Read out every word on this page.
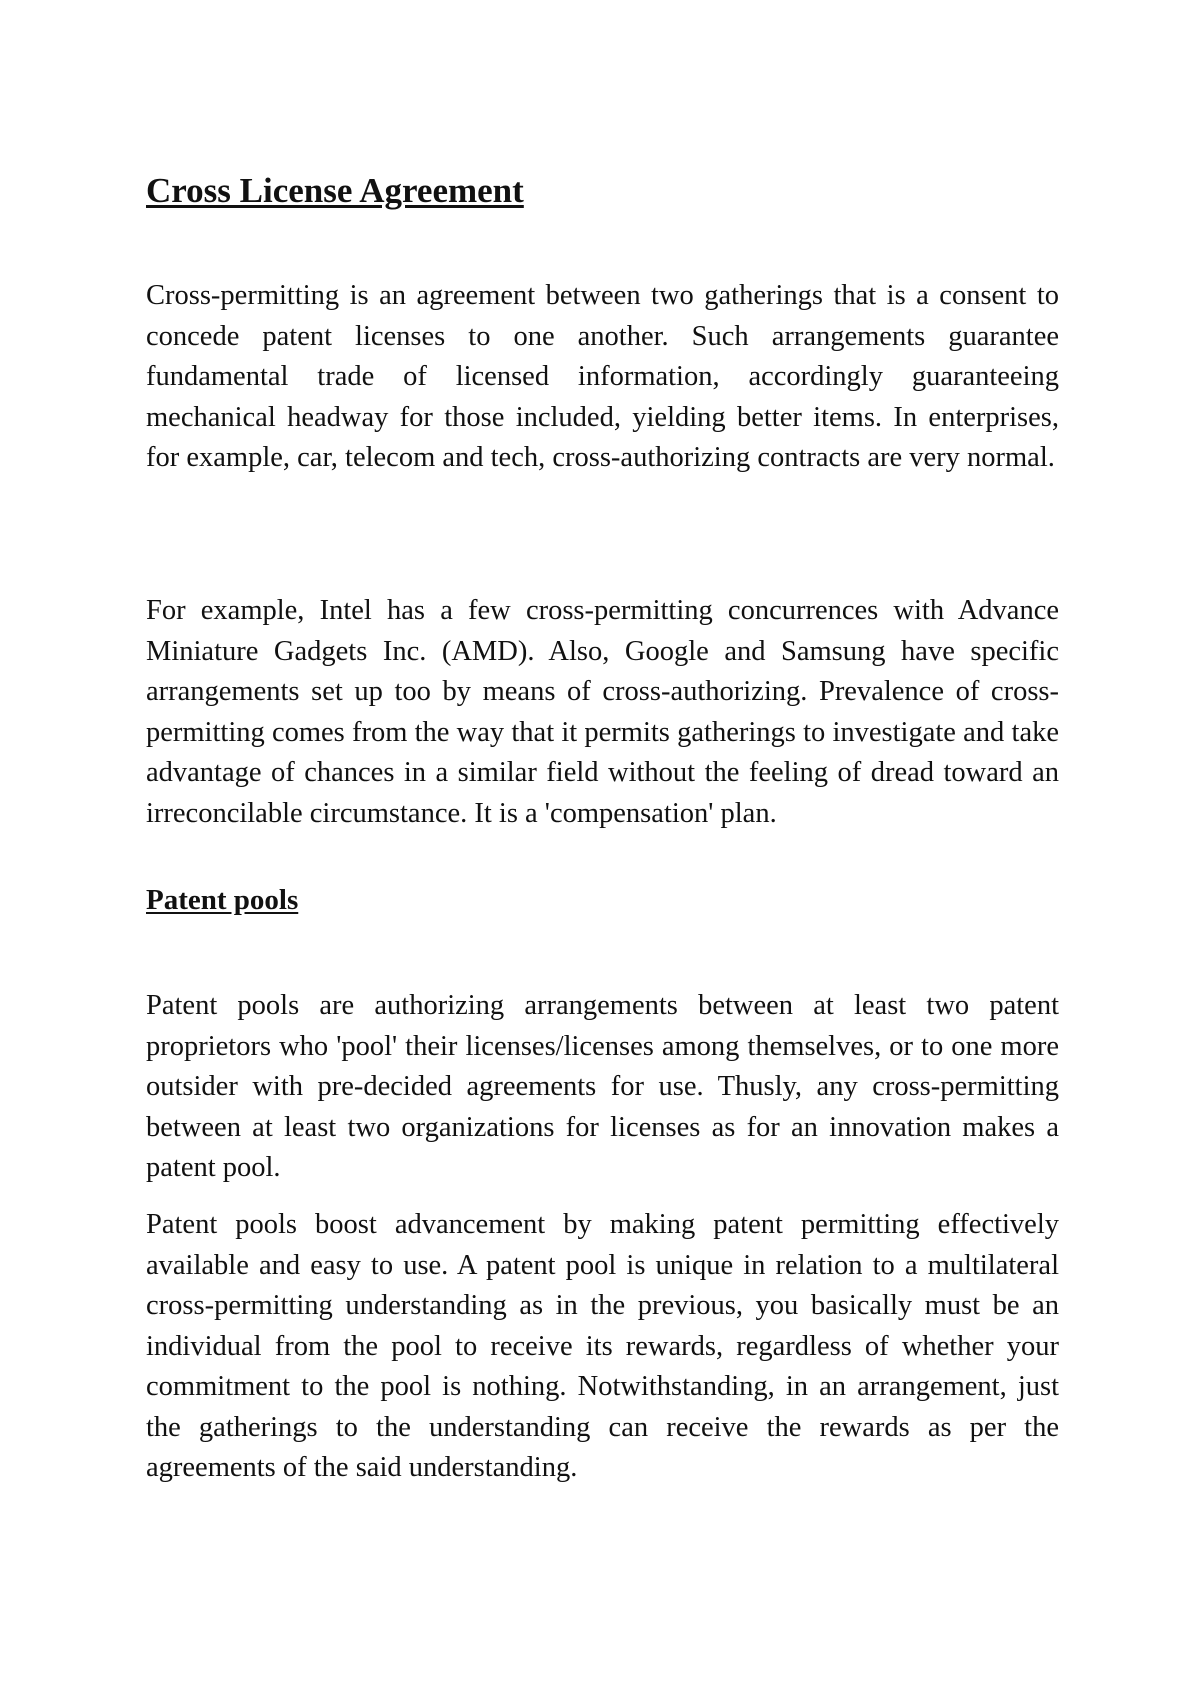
Cross License Agreement

Cross-permitting is an agreement between two gatherings that is a consent to concede patent licenses to one another. Such arrangements guarantee fundamental trade of licensed information, accordingly guaranteeing mechanical headway for those included, yielding better items. In enterprises, for example, car, telecom and tech, cross-authorizing contracts are very normal.

For example, Intel has a few cross-permitting concurrences with Advance Miniature Gadgets Inc. (AMD). Also, Google and Samsung have specific arrangements set up too by means of cross-authorizing. Prevalence of cross-permitting comes from the way that it permits gatherings to investigate and take advantage of chances in a similar field without the feeling of dread toward an irreconcilable circumstance. It is a 'compensation' plan.

Patent pools

Patent pools are authorizing arrangements between at least two patent proprietors who 'pool' their licenses/licenses among themselves, or to one more outsider with pre-decided agreements for use. Thusly, any cross-permitting between at least two organizations for licenses as for an innovation makes a patent pool.

Patent pools boost advancement by making patent permitting effectively available and easy to use. A patent pool is unique in relation to a multilateral cross-permitting understanding as in the previous, you basically must be an individual from the pool to receive its rewards, regardless of whether your commitment to the pool is nothing. Notwithstanding, in an arrangement, just the gatherings to the understanding can receive the rewards as per the agreements of the said understanding.
